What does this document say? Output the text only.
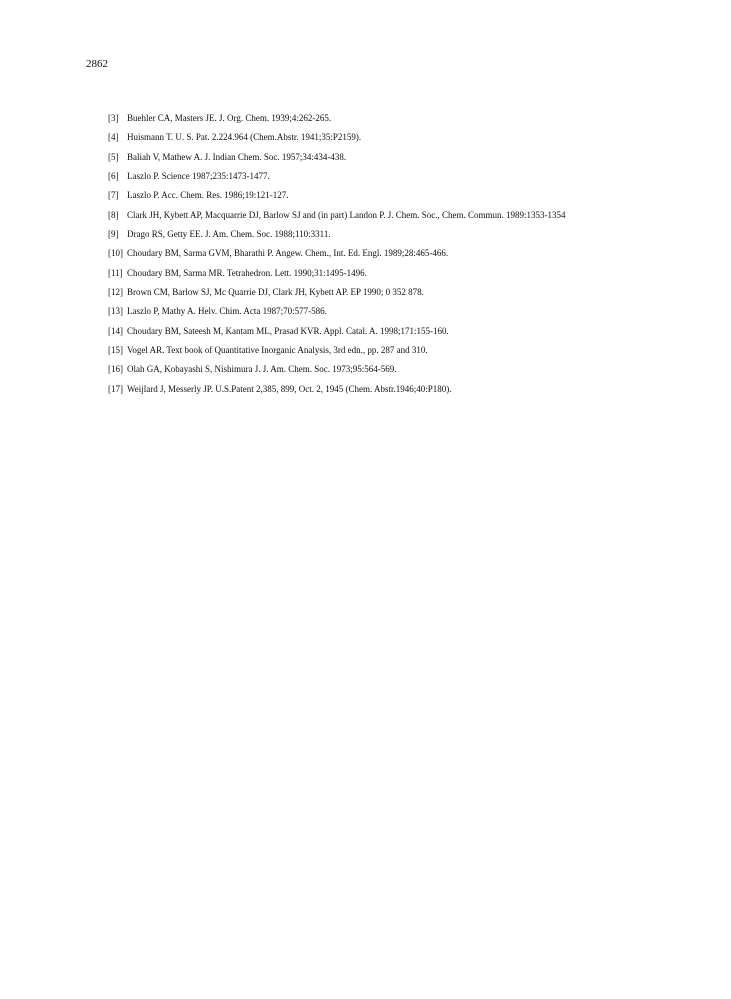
2862
[3] Buehler CA, Masters JE. J. Org. Chem. 1939;4:262-265.
[4] Huismann T. U. S. Pat. 2.224.964 (Chem.Abstr. 1941;35:P2159).
[5] Baliah V, Mathew A. J. Indian Chem. Soc. 1957;34:434-438.
[6] Laszlo P. Science 1987;235:1473-1477.
[7] Laszlo P. Acc. Chem. Res. 1986;19:121-127.
[8] Clark JH, Kybett AP, Macquarrie DJ, Barlow SJ and (in part) Landon P. J. Chem. Soc., Chem. Commun. 1989:1353-1354
[9] Drago RS, Getty EE. J. Am. Chem. Soc. 1988;110:3311.
[10] Choudary BM, Sarma GVM, Bharathi P. Angew. Chem., Int. Ed. Engl. 1989;28:465-466.
[11] Choudary BM, Sarma MR. Tetrahedron. Lett. 1990;31:1495-1496.
[12] Brown CM, Barlow SJ, Mc Quarrie DJ, Clark JH, Kybett AP. EP 1990; 0 352 878.
[13] Laszlo P, Mathy A. Helv. Chim. Acta 1987;70:577-586.
[14] Choudary BM, Sateesh M, Kantam ML, Prasad KVR. Appl. Catal. A. 1998;171:155-160.
[15] Vogel AR. Text book of Quantitative Inorganic Analysis, 3rd edn., pp. 287 and 310.
[16] Olah GA, Kobayashi S, Nishimura J. J. Am. Chem. Soc. 1973;95:564-569.
[17] Weijlard J, Messerly JP. U.S.Patent 2,385, 899, Oct. 2, 1945 (Chem. Abstr.1946;40:P180).
